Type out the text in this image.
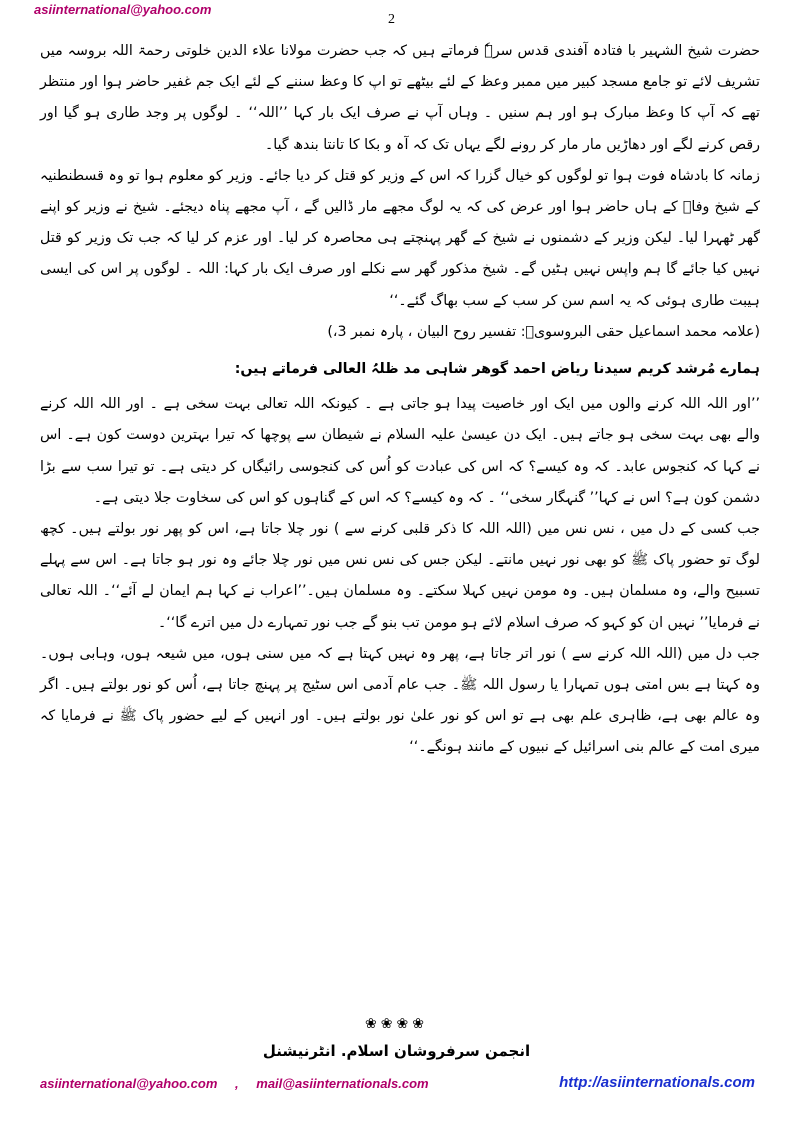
asiinternational@yahoo.com
2

حضرت شیخ الشہیر با فتادہ آفندی قدس سرہٗ فرماتے ہیں کہ جب حضرت مولانا علاء الدین خلوتی رحمۃ اللہ بروسہ میں تشریف لائے تو جامع مسجد کبیر میں ممبر وعظ کے لئے بیٹھے تو اپ کا وعظ سننے کے لئے ایک جم غفیر حاضر ہوا اور منتظر تھے کہ آپ کا وعظ مبارک ہو اور ہم سنیں ۔ وہاں آپ نے صرف ایک بار کہا ’’اللہ‘‘ ۔ لوگوں پر وجد طاری ہو گیا اور رقص کرنے لگے اور دھاڑیں مار مار کر رونے لگے یہاں تک کہ آہ و بکا کا تانتا بندھ گیا۔

زمانہ کا بادشاہ فوت ہوا تو لوگوں کو خیال گزرا کہ اس کے وزیر کو قتل کر دیا جائے۔ وزیر کو معلوم ہوا تو وہ قسطنطنیہ کے شیخ وفاؒ کے ہاں حاضر ہوا اور عرض کی کہ یہ لوگ مجھے مار ڈالیں گے ، آپ مجھے پناہ دیجئے۔ شیخ نے وزیر کو اپنے گھر ٹھہرا لیا۔ لیکن وزیر کے دشمنوں نے شیخ کے گھر پہنچتے ہی محاصرہ کر لیا۔ اور عزم کر لیا کہ جب تک وزیر کو قتل نہیں کیا جائے گا ہم واپس نہیں ہٹیں گے۔ شیخ مذکور گھر سے نکلے اور صرف ایک بار کہا: اللہ ۔ لوگوں پر اس کی ایسی ہیبت طاری ہوئی کہ یہ اسم سن کر سب کے سب بھاگ گئے۔‘‘

(علامہ محمد اسماعیل حقی البروسویؒ: تفسیر روح البیان ، پارہ نمبر 3،)

ہمارے مُرشد کریم سیدنا ریاض احمد گوھر شاہی مد ظلہُ العالی فرماتے ہیں:

’’اور اللہ اللہ کرنے والوں میں ایک اور خاصیت پیدا ہو جاتی ہے ۔ کیونکہ اللہ تعالی بہت سخی ہے ۔ اور اللہ اللہ کرنے والے بھی بہت سخی ہو جاتے ہیں۔ ایک دن عیسیٰ علیہ السلام نے شیطان سے پوچھا کہ تیرا بہترین دوست کون ہے۔ اس نے کہا کہ کنجوس عابد۔ کہ وہ کیسے؟ کہ اس کی عبادت کو اُس کی کنجوسی رائیگاں کر دیتی ہے۔ تو تیرا سب سے بڑا دشمن کون ہے؟ اس نے کہا’’ گنہگار سخی‘‘ ۔ کہ وہ کیسے؟ کہ اس کے گناہوں کو اس کی سخاوت جلا دیتی ہے۔

جب کسی کے دل میں ، نس نس میں (اللہ اللہ کا ذکر قلبی کرنے سے ) نور چلا جاتا ہے، اس کو پھر نور بولتے ہیں۔ کچھ لوگ تو حضور پاک ﷺ کو بھی نور نہیں مانتے۔ لیکن جس کی نس نس میں نور چلا جائے وہ نور ہو جاتا ہے۔ اس سے پہلے تسبیح والے، وہ مسلمان ہیں۔ وہ مومن نہیں کہلا سکتے۔ وہ مسلمان ہیں۔’’اعراب نے کہا ہم ایمان لے آئے‘‘۔ اللہ تعالی نے فرمایا’’ نہیں ان کو کہو کہ صرف اسلام لائے ہو مومن تب بنو گے جب نور تمہارے دل میں اترے گا‘‘۔

جب دل میں (اللہ اللہ کرنے سے ) نور اتر جاتا ہے، پھر وہ نہیں کہتا ہے کہ میں سنی ہوں، میں شیعہ ہوں، وہابی ہوں۔ وہ کہتا ہے بس امتی ہوں تمہارا یا رسول اللہ ﷺ۔ جب عام آدمی اس سٹیج پر پہنچ جاتا ہے، اُس کو نور بولتے ہیں۔ اگر وہ عالم بھی ہے، ظاہری علم بھی ہے تو اس کو نور علیٰ نور بولتے ہیں۔ اور انہیں کے لیے حضور پاک ﷺ نے فرمایا کہ میری امت کے عالم بنی اسرائیل کے نبیوں کے مانند ہونگے۔‘‘

❀❀❀❀
انجمن سرفروشان اسلام. انٹرنیشنل
asiinternational@yahoo.com , mail@asiinternationals.com	http://asiinternationals.com
